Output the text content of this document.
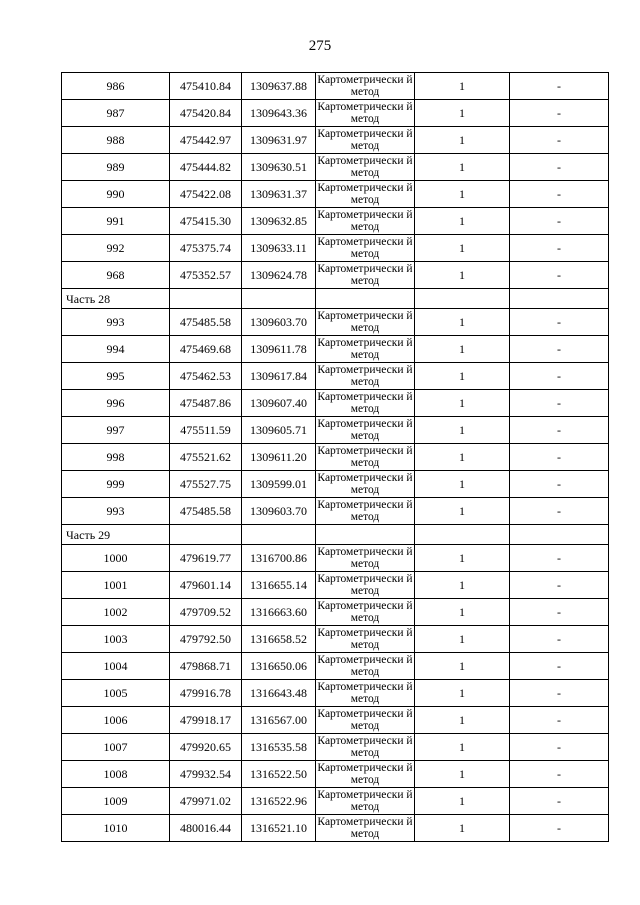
275
986	475410.84	1309637.88	Картометрически й метод	1	-
987	475420.84	1309643.36	Картометрически й метод	1	-
988	475442.97	1309631.97	Картометрически й метод	1	-
989	475444.82	1309630.51	Картометрически й метод	1	-
990	475422.08	1309631.37	Картометрически й метод	1	-
991	475415.30	1309632.85	Картометрически й метод	1	-
992	475375.74	1309633.11	Картометрически й метод	1	-
968	475352.57	1309624.78	Картометрически й метод	1	-
Часть 28					
993	475485.58	1309603.70	Картометрически й метод	1	-
994	475469.68	1309611.78	Картометрически й метод	1	-
995	475462.53	1309617.84	Картометрически й метод	1	-
996	475487.86	1309607.40	Картометрически й метод	1	-
997	475511.59	1309605.71	Картометрически й метод	1	-
998	475521.62	1309611.20	Картометрически й метод	1	-
999	475527.75	1309599.01	Картометрически й метод	1	-
993	475485.58	1309603.70	Картометрически й метод	1	-
Часть 29					
1000	479619.77	1316700.86	Картометрически й метод	1	-
1001	479601.14	1316655.14	Картометрически й метод	1	-
1002	479709.52	1316663.60	Картометрически й метод	1	-
1003	479792.50	1316658.52	Картометрически й метод	1	-
1004	479868.71	1316650.06	Картометрически й метод	1	-
1005	479916.78	1316643.48	Картометрически й метод	1	-
1006	479918.17	1316567.00	Картометрически й метод	1	-
1007	479920.65	1316535.58	Картометрически й метод	1	-
1008	479932.54	1316522.50	Картометрически й метод	1	-
1009	479971.02	1316522.96	Картометрически й метод	1	-
1010	480016.44	1316521.10	Картометрически й метод	1	-
